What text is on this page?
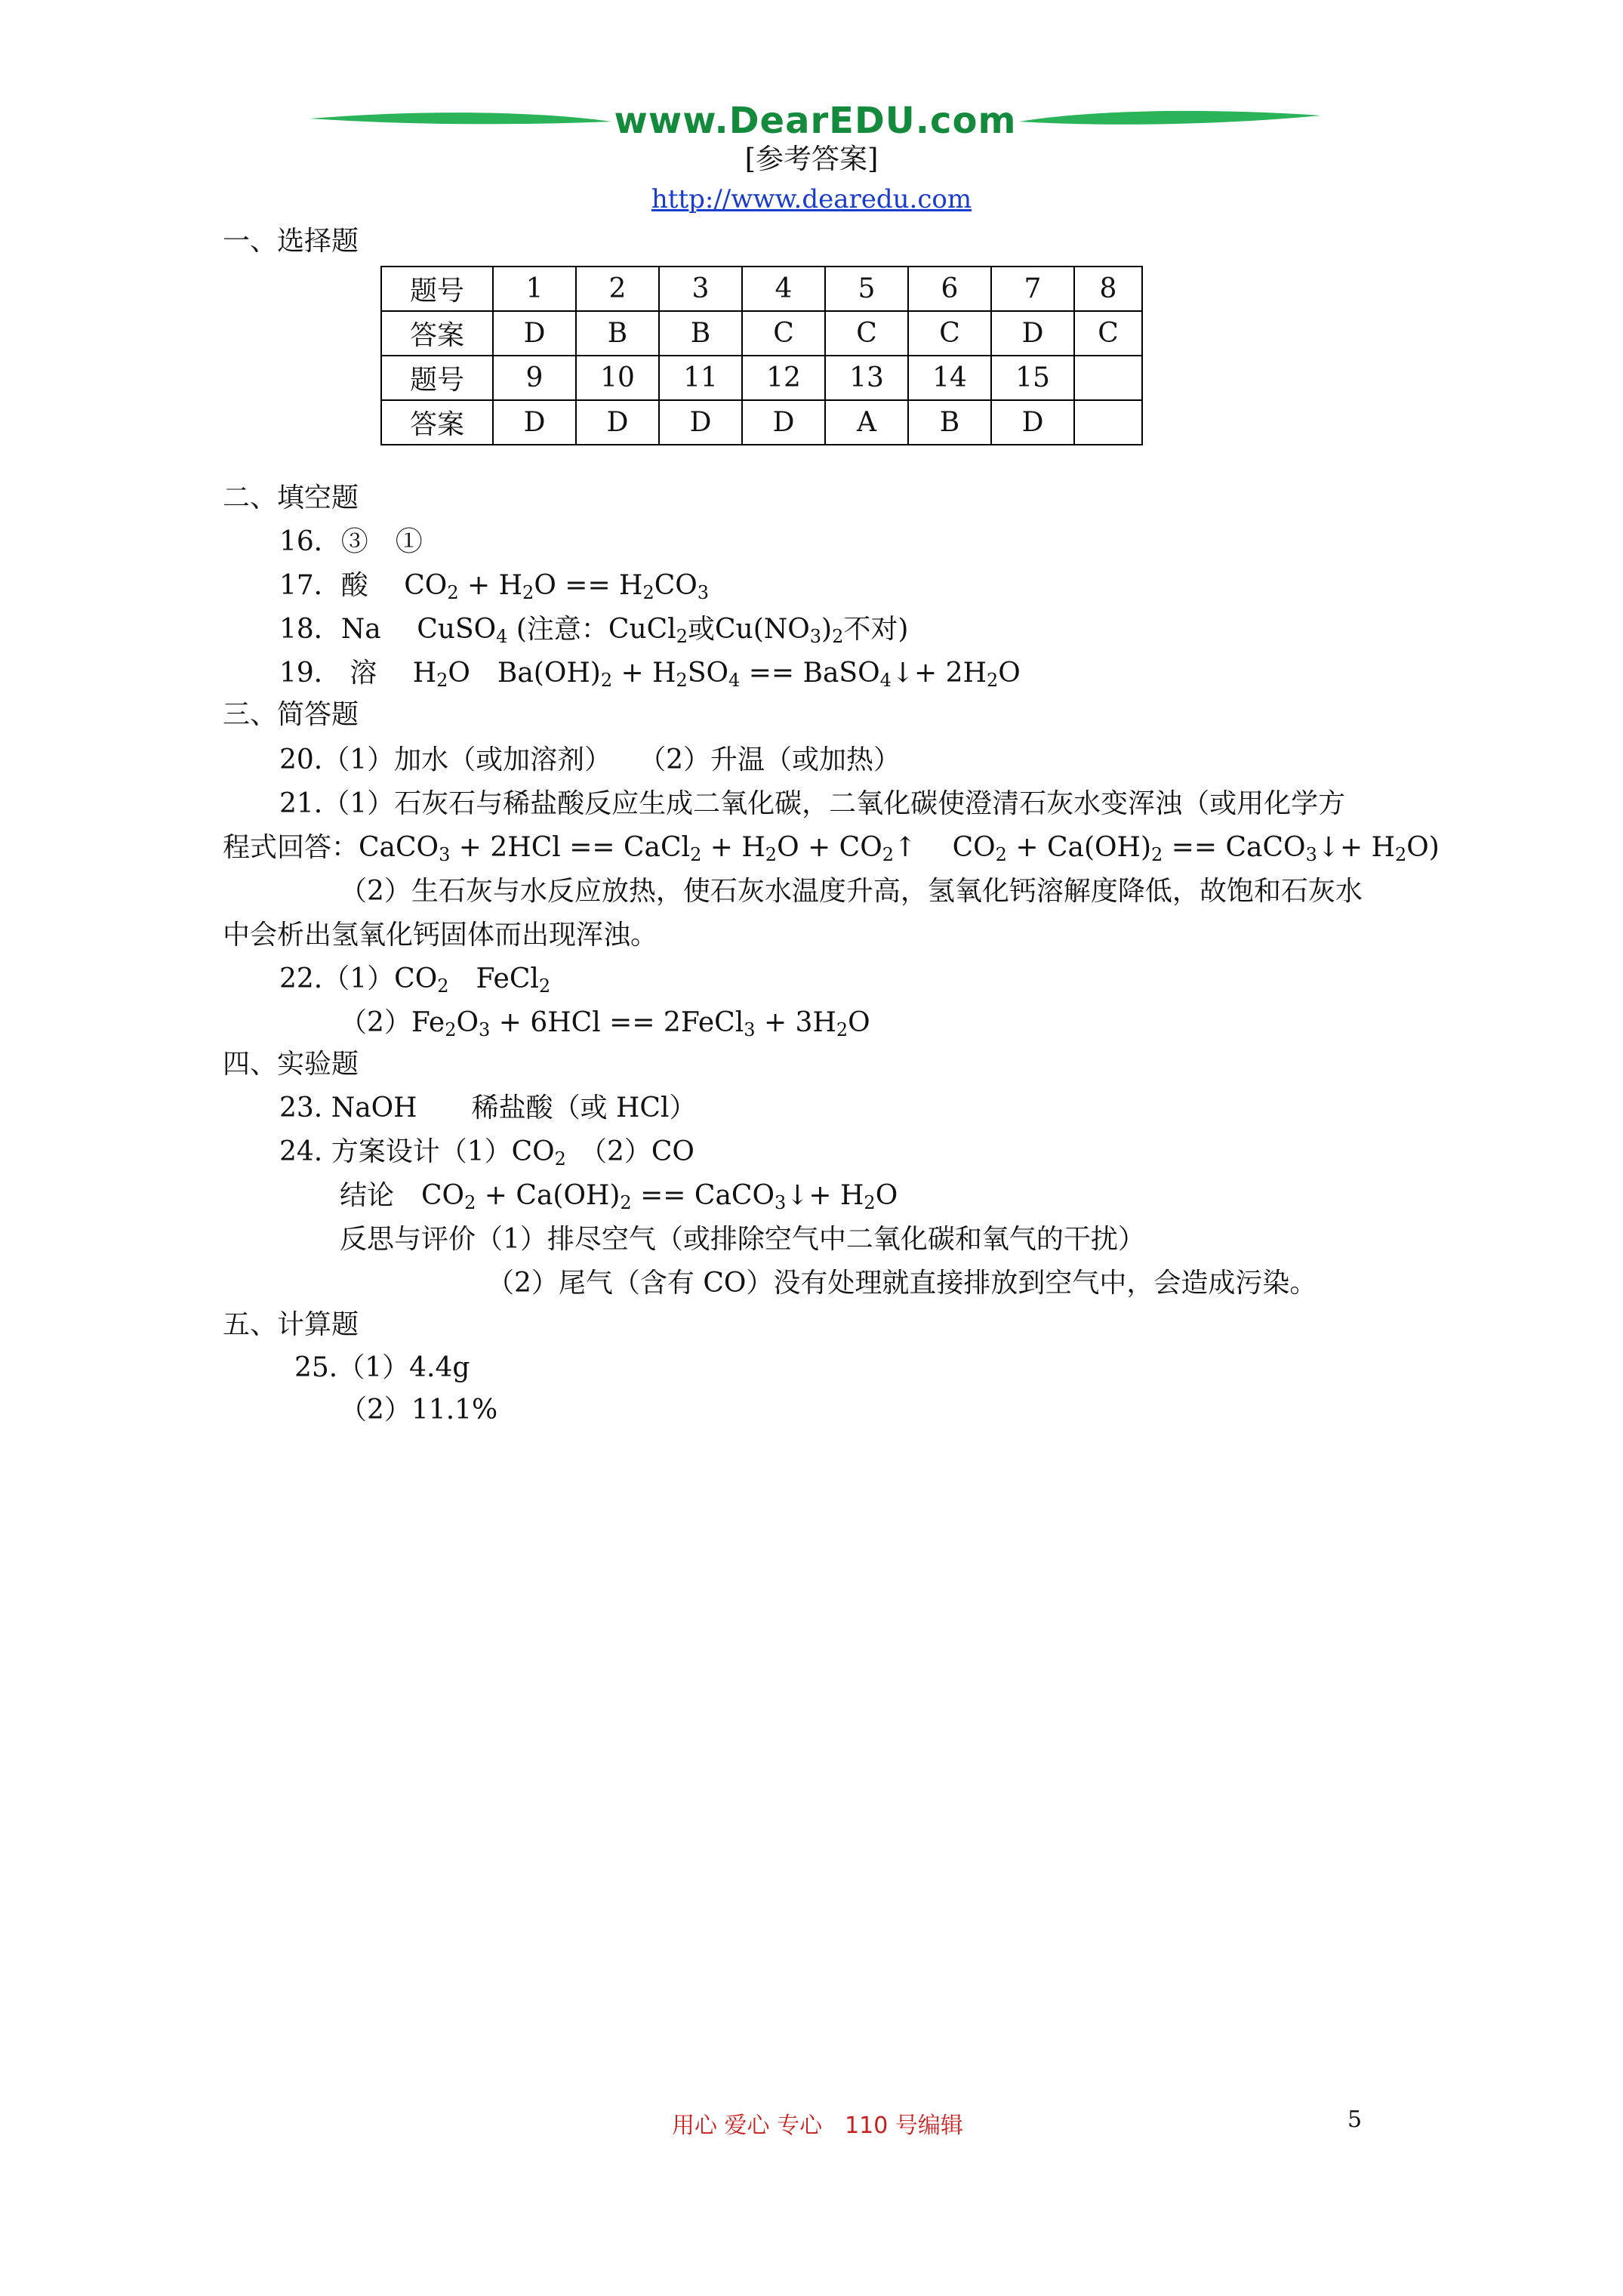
www.DearEDU.com
[参考答案]
http://www.dearedu.com
一、选择题
题号	1	2	3	4	5	6	7	8
答案	D	B	B	C	C	C	D	C
题号	9	10	11	12	13	14	15	
答案	D	D	D	D	A	B	D	
二、填空题
16．③　①
17．酸　 $CO_2 + H_2O == H_2CO_3$
18．Na　 CuSO$_4$ (注意：CuCl$_2$或$Cu(NO_3)_2$不对)
19． 溶　 $H_2O$　$Ba(OH)_2 + H_2SO_4$ == BaSO$_4$↓+ $2H_2O$
三、简答题
20.（1）加水（或加溶剂）　　（2）升温（或加热）
21.（1）石灰石与稀盐酸反应生成二氧化碳，二氧化碳使澄清石灰水变浑浊（或用化学方
程式回答：CaCO$_3$ + 2HCl == CaCl$_2$ + $H_2O$ + $CO_2↑$　 $CO_2 + Ca(OH)_2$ == CaCO$_3$↓+ $H_2O$)
（2）生石灰与水反应放热，使石灰水温度升高，氢氧化钙溶解度降低，故饱和石灰水
中会析出氢氧化钙固体而出现浑浊。
$22.(1)CO_2$　FeCl$_2$
$(2)Fe_2O_3 + 6HCl$ == 2FeCl$_3$ + $3H_2O$
四、实验题
23. NaOH　　稀盐酸（或 HCl）
24. 方案设计$(1)CO_2$　（2）CO
结论　$CO_2 + Ca(OH)_2$ == CaCO$_3$↓+ $H_2O$
反思与评价（1）排尽空气（或排除空气中二氧化碳和氧气的干扰）
（2）尾气（含有 CO）没有处理就直接排放到空气中，会造成污染。
五、计算题
25.（1）4.4g
（2）11.1%
用心 爱心 专心　110 号编辑	5
